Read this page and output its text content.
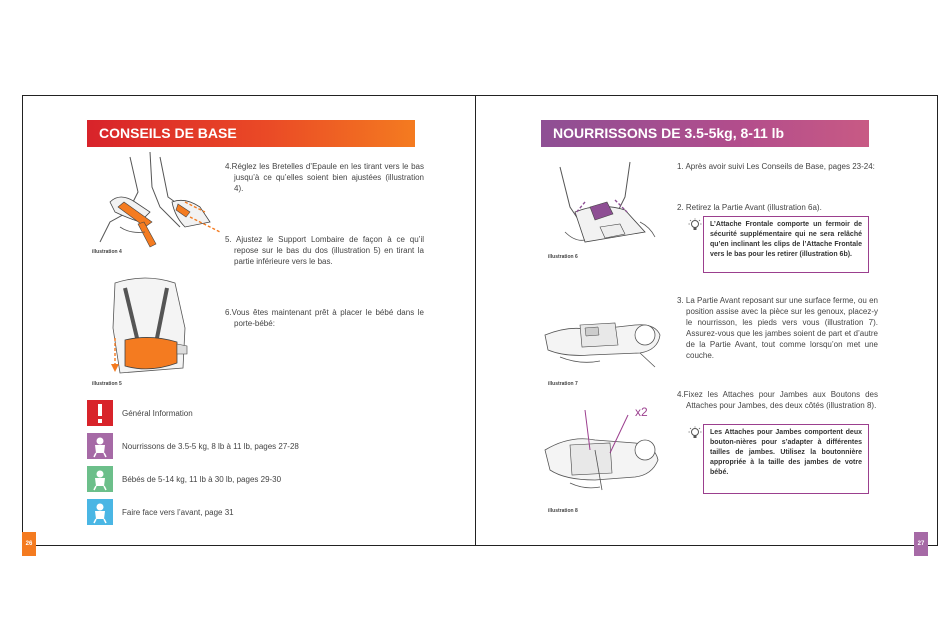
CONSEILS DE BASE
illustration 4
illustration 5
4.Réglez les Bretelles d’Epaule en les tirant vers le bas jusqu’à ce qu’elles soient bien ajustées (illustration 4).
5. Ajustez le Support Lombaire de façon à ce qu’il repose sur le bas du dos (illustration 5) en tirant la partie inférieure vers le bas.
6.Vous êtes maintenant prêt à placer le bébé dans le porte-bébé:
Général Information
Nourrissons de 3.5-5 kg, 8 lb à 11 lb, pages 27-28
Bébés de 5-14 kg, 11 lb à 30 lb, pages 29-30
Faire face vers l’avant, page 31
26
NOURRISSONS DE 3.5-5kg, 8-11 lb
illustration 6
illustration 7
x2
illustration 8
1. Après avoir suivi Les Conseils de Base, pages 23-24:
2. Retirez la Partie Avant (illustration 6a).
L’Attache Frontale comporte un fermoir de sécurité supplémentaire qui ne sera relâché qu’en inclinant les clips de l’Attache Frontale vers le bas pour les retirer (illustration 6b).
3. La Partie Avant reposant sur une surface ferme, ou en position assise avec la pièce sur les genoux, placez-y le nourrisson, les pieds vers vous (illustration 7). Assurez-vous que les jambes soient de part et d’autre de la Partie Avant, tout comme lorsqu’on met une couche.
4.Fixez les Attaches pour Jambes aux Boutons des Attaches pour Jambes, des deux côtés (illustration 8).
Les Attaches pour Jambes comportent deux bouton-nières pour s’adapter à différentes tailles de jambes. Utilisez la boutonnière appropriée à la taille des jambes de votre bébé.
27
